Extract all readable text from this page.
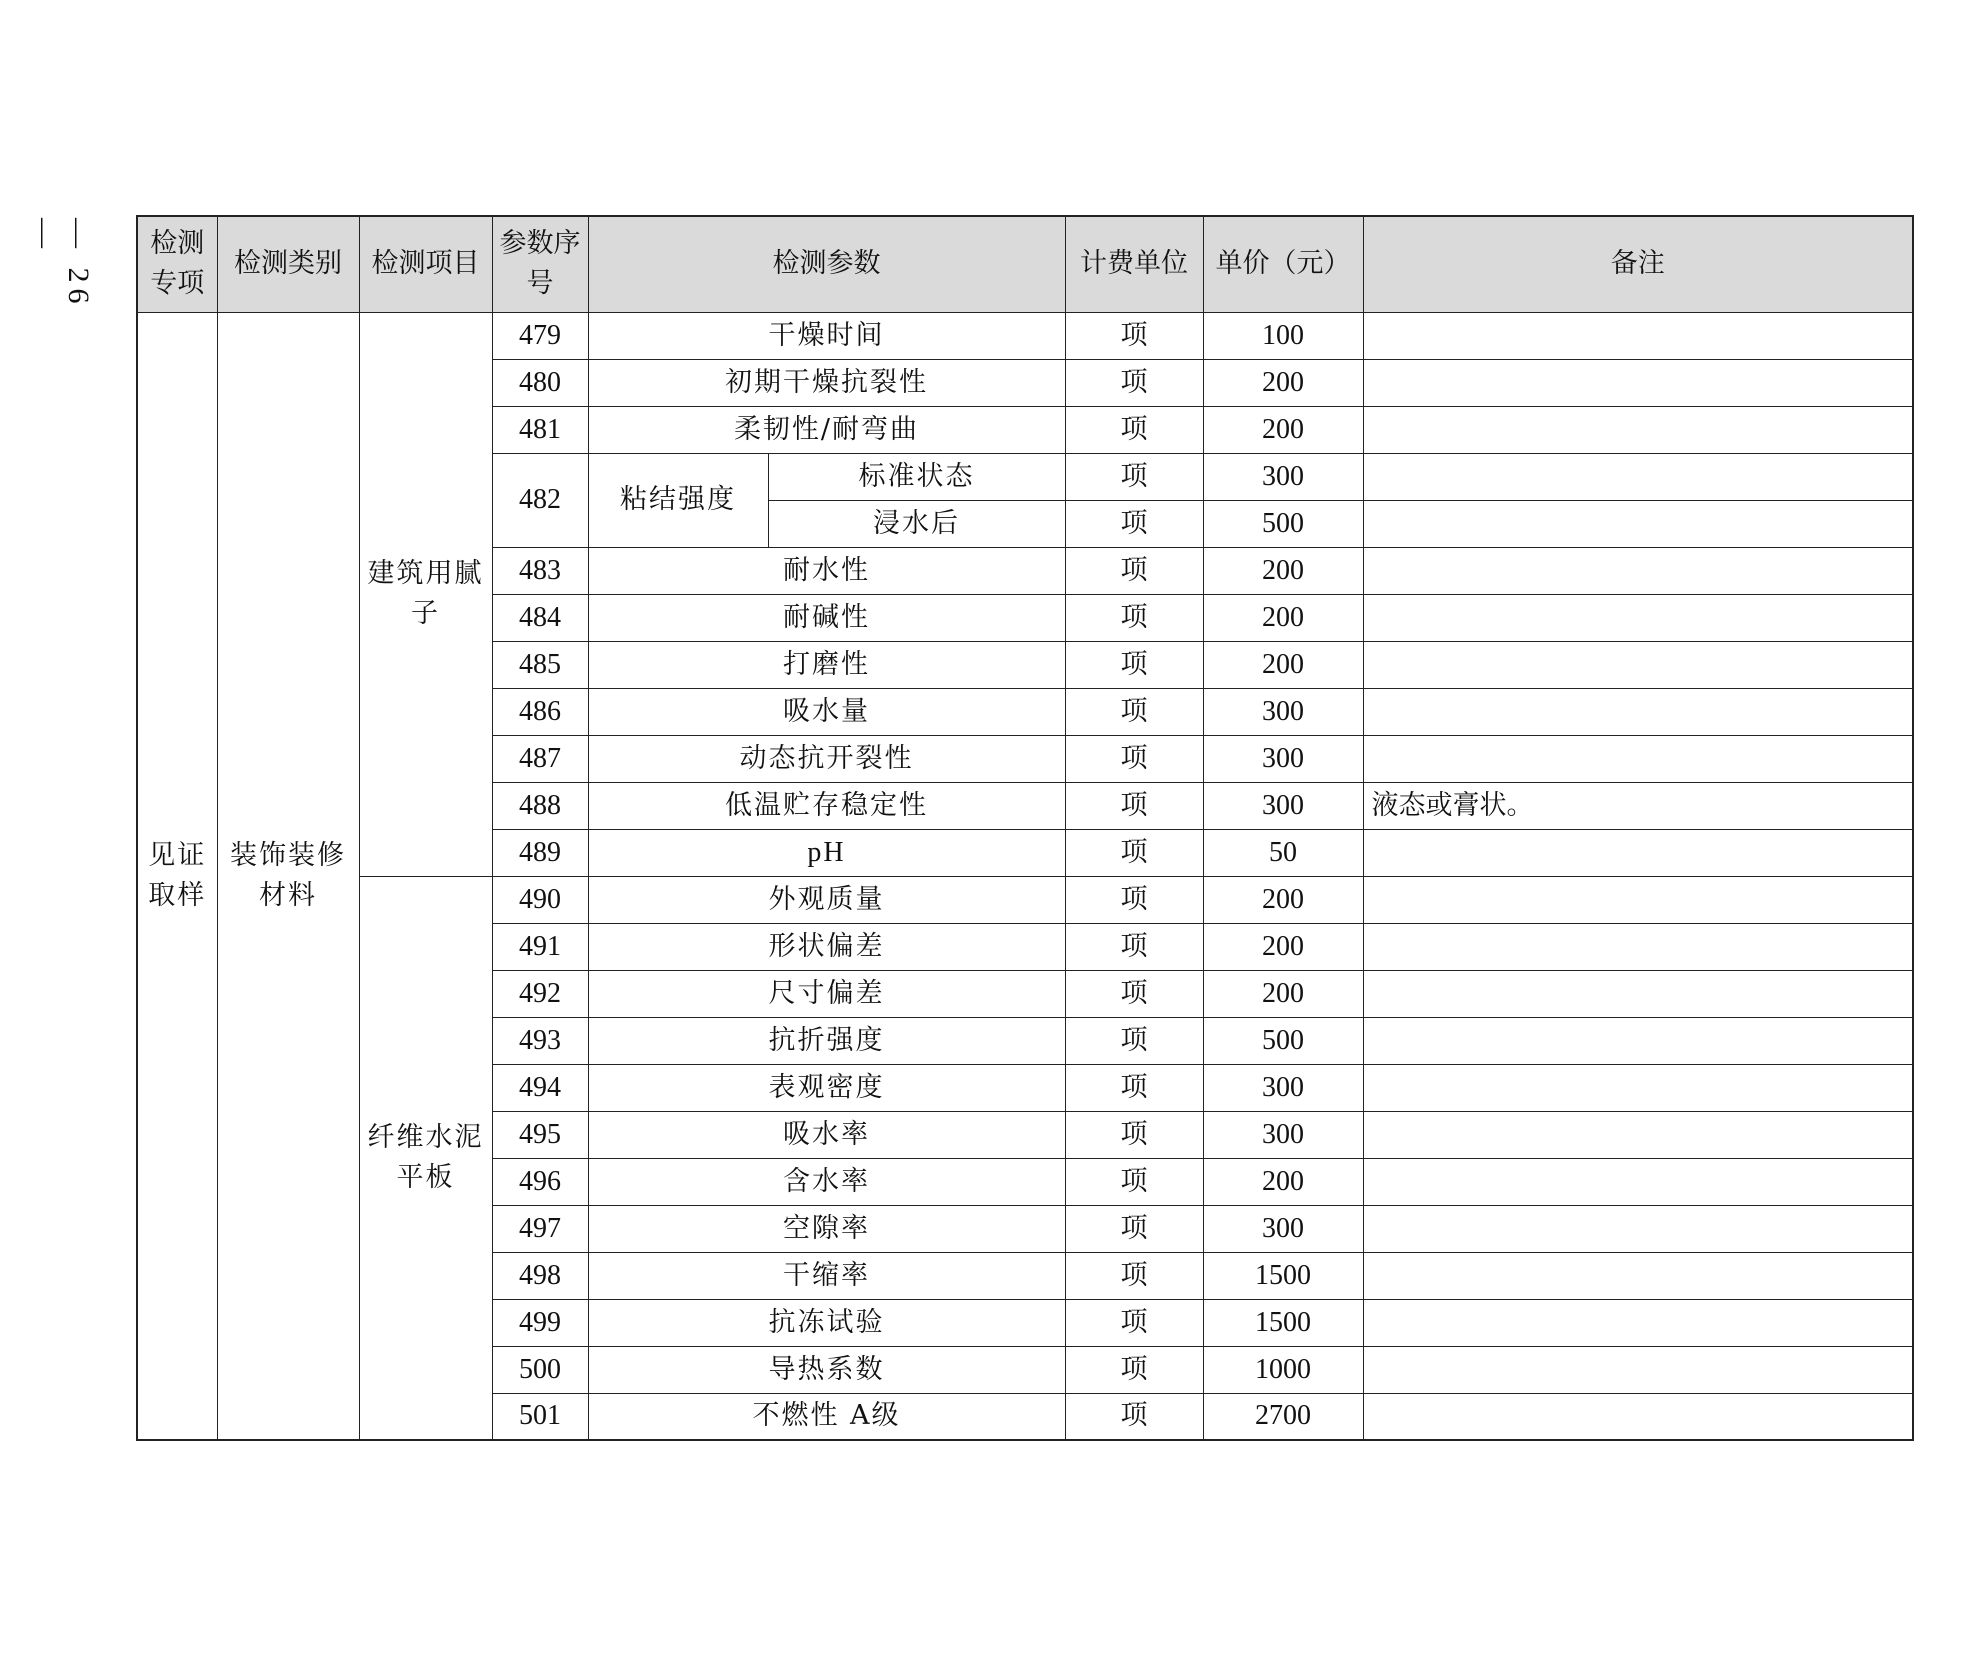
— 26 —	检测专项	检测类别	检测项目	参数序号	检测参数		计费单位	单价（元）	备注
见证取样	装饰装修材料	建筑用腻子	479	干燥时间		项	100	
			480	初期干燥抗裂性		项	200	
			481	柔韧性/耐弯曲		项	200	
			482	粘结强度	标准状态	项	300	
					浸水后	项	500	
			483	耐水性		项	200	
			484	耐碱性		项	200	
			485	打磨性		项	200	
			486	吸水量		项	300	
			487	动态抗开裂性		项	300	
			488	低温贮存稳定性		项	300	液态或膏状。
			489	pH		项	50	
		纤维水泥平板	490	外观质量		项	200	
			491	形状偏差		项	200	
			492	尺寸偏差		项	200	
			493	抗折强度		项	500	
			494	表观密度		项	300	
			495	吸水率		项	300	
			496	含水率		项	200	
			497	空隙率		项	300	
			498	干缩率		项	1500	
			499	抗冻试验		项	1500	
			500	导热系数		项	1000	
			501	不燃性 A级		项	2700	
